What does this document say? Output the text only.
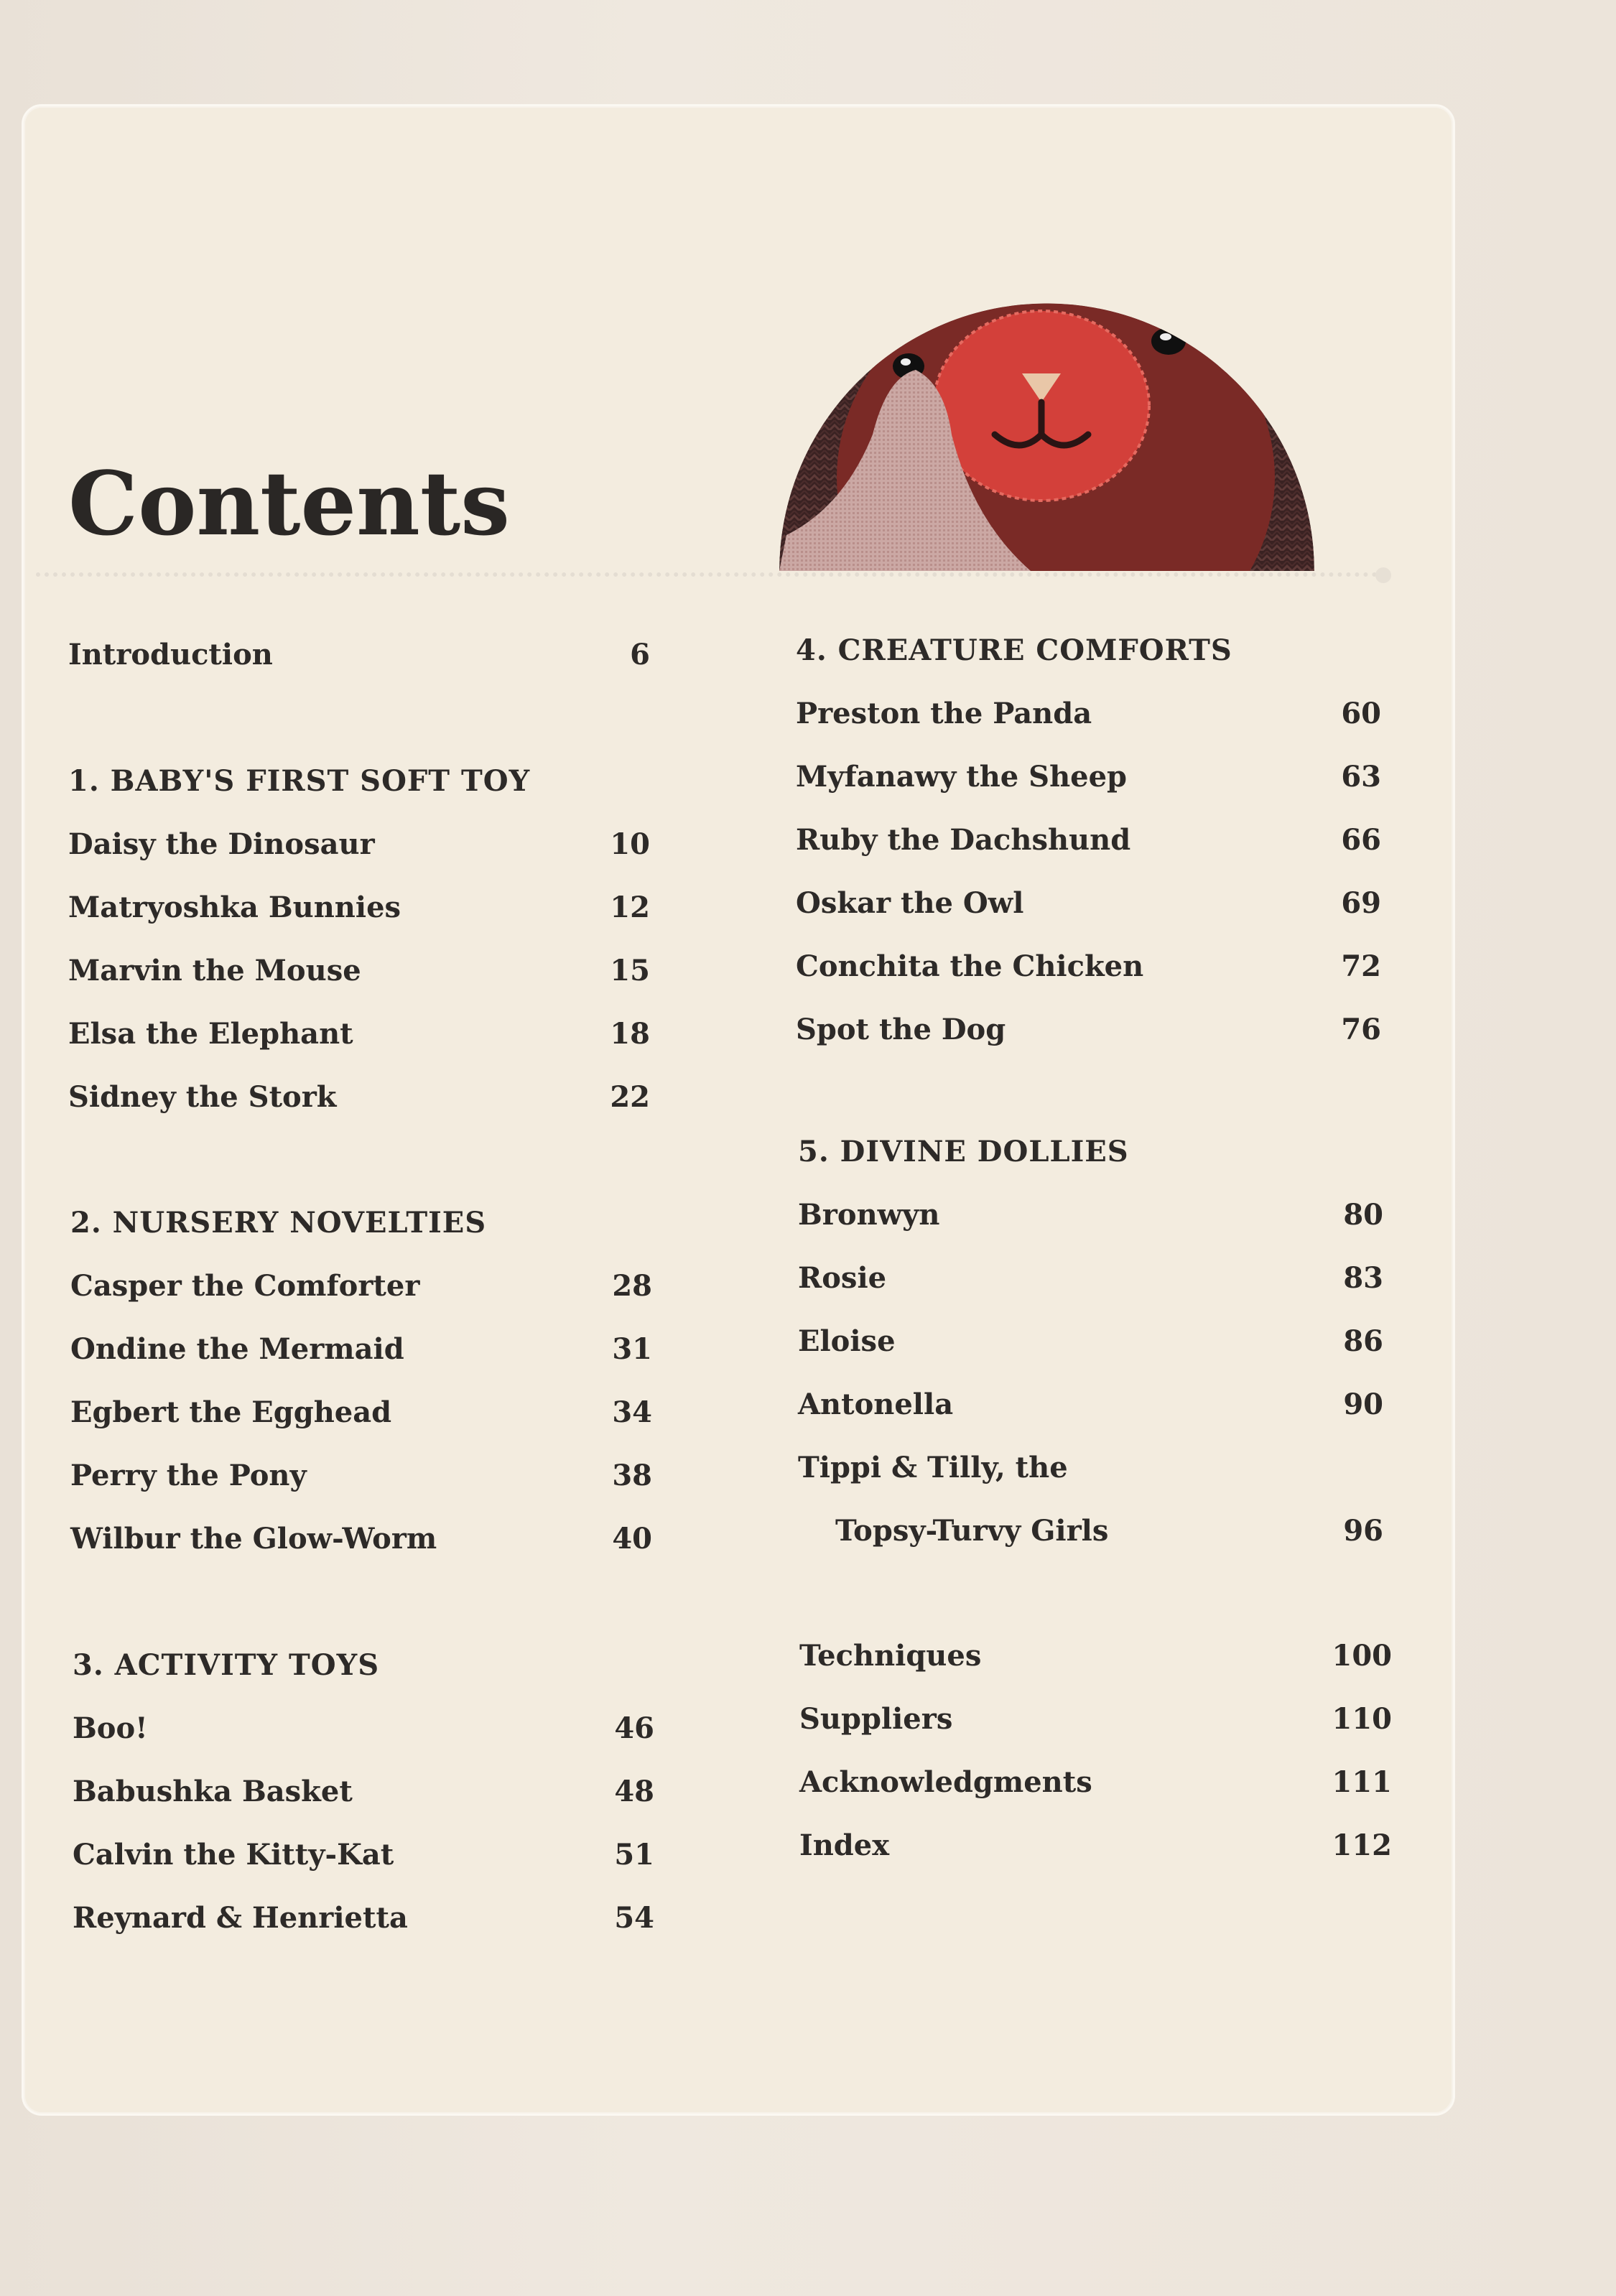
Contents
Introduction	6
1. BABY'S FIRST SOFT TOY
Daisy the Dinosaur	10
Matryoshka Bunnies	12
Marvin the Mouse	15
Elsa the Elephant	18
Sidney the Stork	22
2. NURSERY NOVELTIES
Casper the Comforter	28
Ondine the Mermaid	31
Egbert the Egghead	34
Perry the Pony	38
Wilbur the Glow-Worm	40
3. ACTIVITY TOYS
Boo!	46
Babushka Basket	48
Calvin the Kitty-Kat	51
Reynard & Henrietta	54
4. CREATURE COMFORTS
Preston the Panda	60
Myfanawy the Sheep	63
Ruby the Dachshund	66
Oskar the Owl	69
Conchita the Chicken	72
Spot the Dog	76
5. DIVINE DOLLIES
Bronwyn	80
Rosie	83
Eloise	86
Antonella	90
Tippi & Tilly, the
Topsy-Turvy Girls	96
Techniques	100
Suppliers	110
Acknowledgments	111
Index	112
